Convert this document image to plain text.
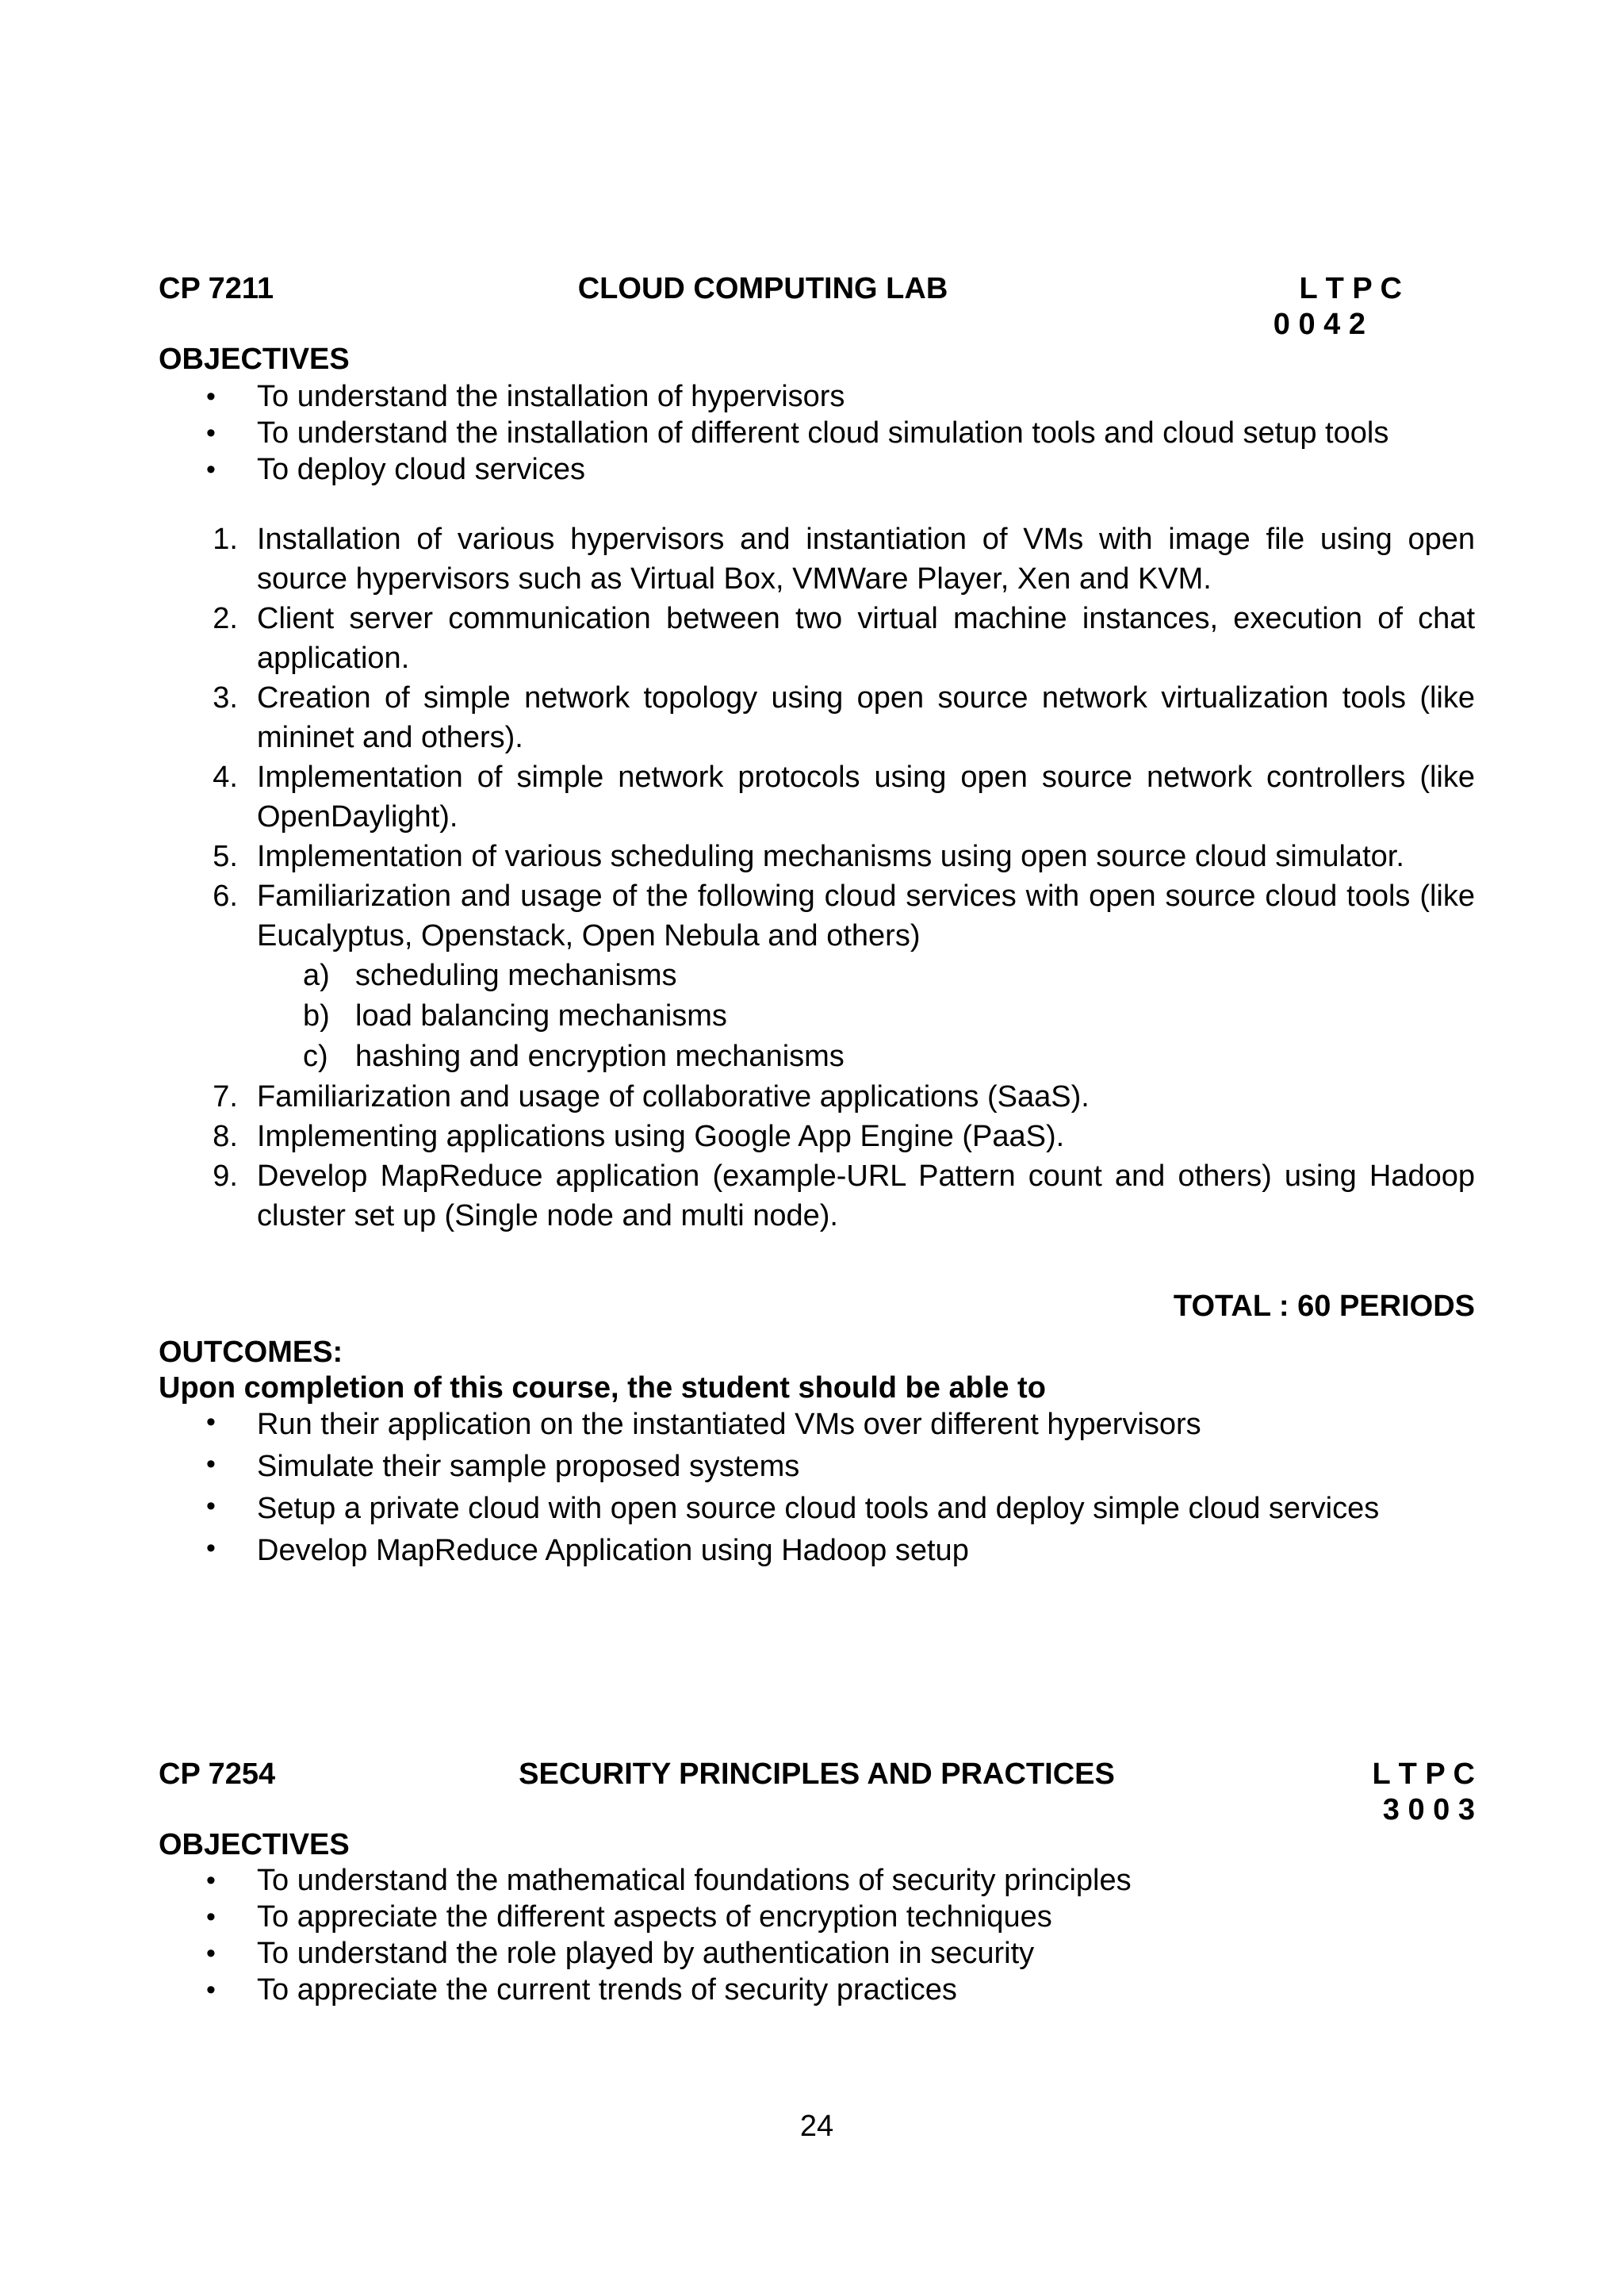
CP 7211	CLOUD COMPUTING LAB	L T P C
0 0 4 2
OBJECTIVES
• To understand the installation of hypervisors
• To understand the installation of different cloud simulation tools and cloud setup tools
• To deploy cloud services
1. Installation of various hypervisors and instantiation of VMs with image file using open source hypervisors such as Virtual Box, VMWare Player, Xen and KVM.
2. Client server communication between two virtual machine instances, execution of chat application.
3. Creation of simple network topology using open source network virtualization tools (like mininet and others).
4. Implementation of simple network protocols using open source network controllers (like OpenDaylight).
5. Implementation of various scheduling mechanisms using open source cloud simulator.
6. Familiarization and usage of the following cloud services with open source cloud tools (like Eucalyptus, Openstack, Open Nebula and others)
a) scheduling mechanisms
b) load balancing mechanisms
c) hashing and encryption mechanisms
7. Familiarization and usage of collaborative applications (SaaS).
8. Implementing applications using Google App Engine (PaaS).
9. Develop MapReduce application (example-URL Pattern count and others) using Hadoop cluster set up (Single node and multi node).
TOTAL : 60 PERIODS
OUTCOMES:
Upon completion of this course, the student should be able to
• Run their application on the instantiated VMs over different hypervisors
• Simulate their sample proposed systems
• Setup a private cloud with open source cloud tools and deploy simple cloud services
• Develop MapReduce Application using Hadoop setup
CP 7254	SECURITY PRINCIPLES AND PRACTICES	L T P C
3 0 0 3
OBJECTIVES
• To understand the mathematical foundations of security principles
• To appreciate the different aspects of encryption techniques
• To understand the role played by authentication in security
• To appreciate the current trends of security practices
24
